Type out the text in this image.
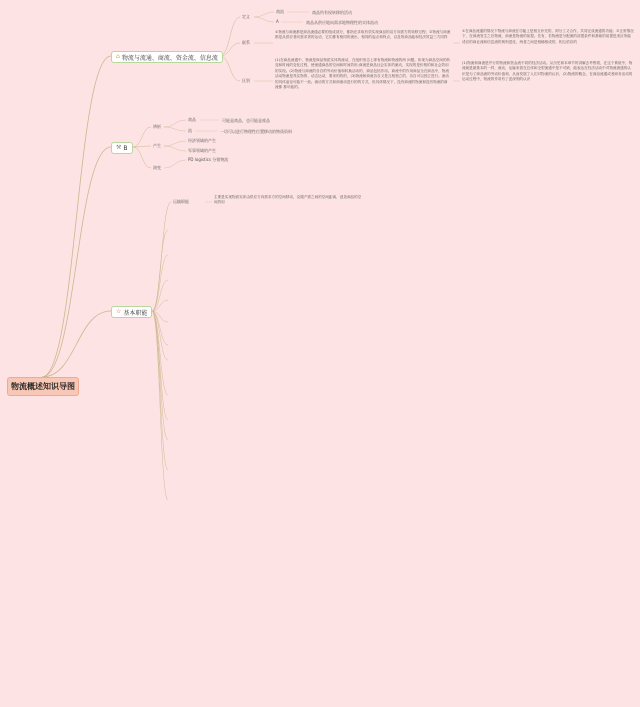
物流概述知识导图
⌂ 物流与流通、商流、资金流、信息流
定义
商流	商品所有权转移的活动
A	商品从供应地向需求地物理性的实体流动
联系
①物流与商流都是商品流通必要的组成部分，都指在求取有效实现商品的双方向需方的转移过程；②物流与商流都是从供应者向需求者的运动，它们都有相同的流出、相同的起点和终点，以及的商品能和经济效益三方同样
①在商品流通的情况下物流与商流在功能上是相互补充的，即分工又合作，共同完成流通的功能；②正常情况下，在商流发生之后物流，商流是物流的前提。先有，若物流是分配流的前提条件和基础的前提是适应所能适应的商业流和信息流的规则进化，两者之间是相辅相成的，相互依存的
区别
(1)在商品流通中，物流是商品物质实体的流动，在组织形态上即有物流和物流的两 问题。体现为商品空间的转变和时间的变化过程，使流通商品的空间和时间效用;商流是商品社会实体的流动，实现的是价格的和社会效用的实现。(2)物流与商流的各自的劳动价值和转换活动的，商品包括作用。商流中的作用商品全在商品中，物流活动物流是具实物的、动态运动，要来的的的，(3)物流和商流各自又是互相独立的、各自可以独立进行。流动的具体途径可能不一致。流动的方式和商流动进行的的方式，但具体情况下，没有商流的物流和没有物流的商流都 都可能的。
(1)物流和商流是并行的物流和资金流不同的经济活动。从历史和本章节的讲解去考察看，在这个系统中，物流就是最基本的一样，流动，运输来看在总体和全型流通中是不可缺，能表达在经济活动中对物流流通的认识是为了商品流的劳动价值和，从而发展了人们对物流的认识，(2)物流的概念，在商品流通或者商务活动的运动过程中，物流的作用有了更深刻的认识
⚒ B
辨析
商品	可能是商品，也可能是废品
流	一切可以进行物理性位置移动的物质资料
产生
经济领域的产生
军事领域的产生
演变
PD logistics 分销物流
☆ 基本职能
运输职能
主要是实现物质实体由供应方向需求方的空间移动，克服产需之间的空间距离，创造商品的空间效用
